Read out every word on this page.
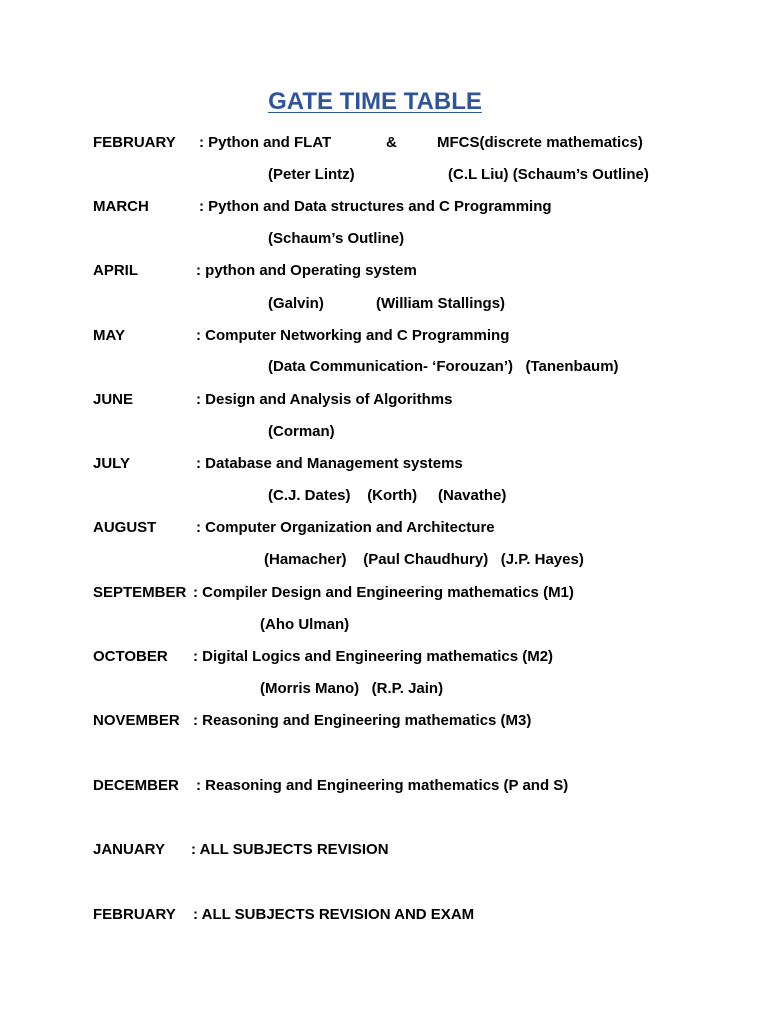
GATE TIME TABLE
FEBRUARY : Python and FLAT	&	MFCS(discrete mathematics)
(Peter Lintz)	(C.L Liu) (Schaum’s Outline)
MARCH	: Python and Data structures and C Programming
(Schaum’s Outline)
APRIL	: python and Operating system
(Galvin)	(William Stallings)
MAY	: Computer Networking and C Programming
(Data Communication- ‘Forouzan’)   (Tanenbaum)
JUNE	: Design and Analysis of Algorithms
(Corman)
JULY	: Database and Management systems
(C.J. Dates)    (Korth)     (Navathe)
AUGUST	: Computer Organization and Architecture
(Hamacher)    (Paul Chaudhury)   (J.P. Hayes)
SEPTEMBER : Compiler Design and Engineering mathematics (M1)
(Aho Ulman)
OCTOBER : Digital Logics and Engineering mathematics (M2)
(Morris Mano)   (R.P. Jain)
NOVEMBER : Reasoning and Engineering mathematics (M3)
DECEMBER : Reasoning and Engineering mathematics (P and S)
JANUARY : ALL SUBJECTS REVISION
FEBRUARY : ALL SUBJECTS REVISION AND EXAM
